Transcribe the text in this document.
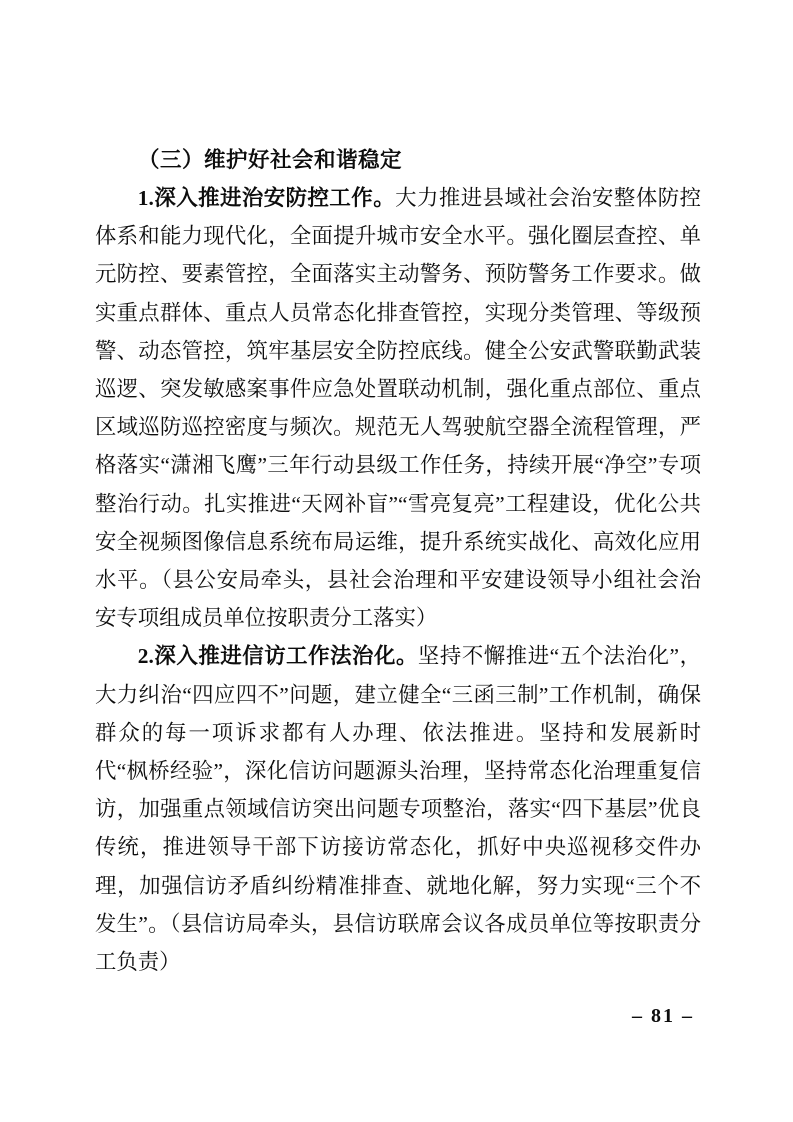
（三）维护好社会和谐稳定

1.深入推进治安防控工作。大力推进县域社会治安整体防控体系和能力现代化，全面提升城市安全水平。强化圈层查控、单元防控、要素管控，全面落实主动警务、预防警务工作要求。做实重点群体、重点人员常态化排查管控，实现分类管理、等级预警、动态管控，筑牢基层安全防控底线。健全公安武警联勤武装巡逻、突发敏感案事件应急处置联动机制，强化重点部位、重点区域巡防巡控密度与频次。规范无人驾驶航空器全流程管理，严格落实“潇湘飞鹰”三年行动县级工作任务，持续开展“净空”专项整治行动。扎实推进“天网补盲”“雪亮复亮”工程建设，优化公共安全视频图像信息系统布局运维，提升系统实战化、高效化应用水平。（县公安局牵头，县社会治理和平安建设领导小组社会治安专项组成员单位按职责分工落实）

2.深入推进信访工作法治化。坚持不懈推进“五个法治化”，大力纠治“四应四不”问题，建立健全“三函三制”工作机制，确保群众的每一项诉求都有人办理、依法推进。坚持和发展新时代“枫桥经验”，深化信访问题源头治理，坚持常态化治理重复信访，加强重点领域信访突出问题专项整治，落实“四下基层”优良传统，推进领导干部下访接访常态化，抓好中央巡视移交件办理，加强信访矛盾纠纷精准排查、就地化解，努力实现“三个不发生”。（县信访局牵头，县信访联席会议各成员单位等按职责分工负责）

– 81 –
